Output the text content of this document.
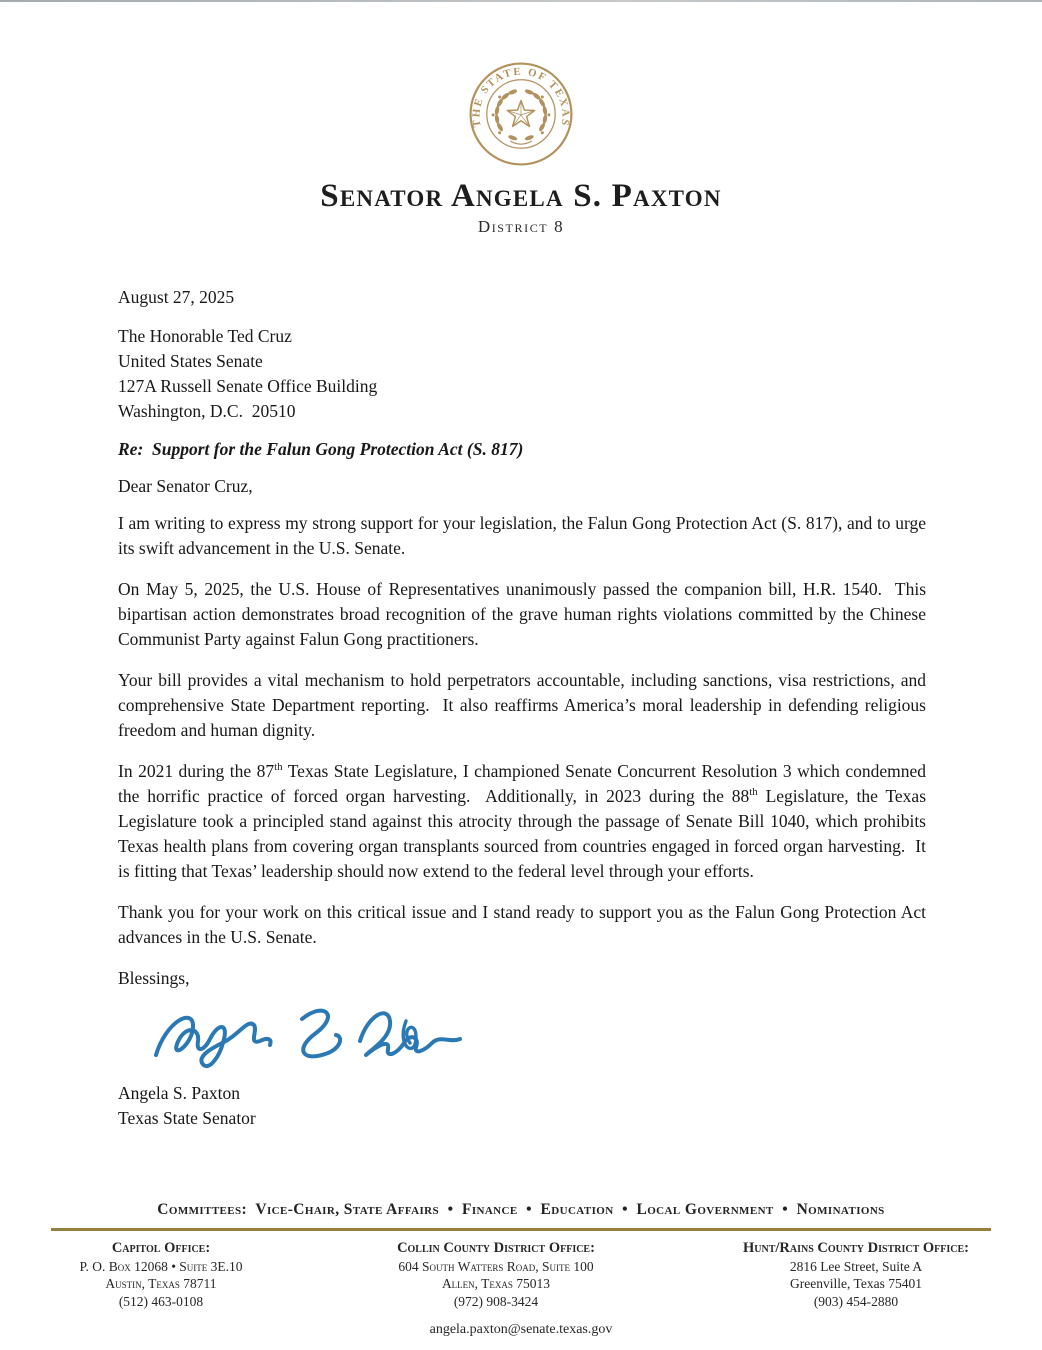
THE STATE OF TEXAS
Senator Angela S. Paxton
District 8
August 27, 2025
The Honorable Ted Cruz
United States Senate
127A Russell Senate Office Building
Washington, D.C.  20510
Re:  Support for the Falun Gong Protection Act (S. 817)
Dear Senator Cruz,

I am writing to express my strong support for your legislation, the Falun Gong Protection Act (S. 817), and to urge its swift advancement in the U.S. Senate.

On May 5, 2025, the U.S. House of Representatives unanimously passed the companion bill, H.R. 1540.  This bipartisan action demonstrates broad recognition of the grave human rights violations committed by the Chinese Communist Party against Falun Gong practitioners.

Your bill provides a vital mechanism to hold perpetrators accountable, including sanctions, visa restrictions, and comprehensive State Department reporting.  It also reaffirms America’s moral leadership in defending religious freedom and human dignity.

In 2021 during the 87th Texas State Legislature, I championed Senate Concurrent Resolution 3 which condemned the horrific practice of forced organ harvesting.  Additionally, in 2023 during the 88th Legislature, the Texas Legislature took a principled stand against this atrocity through the passage of Senate Bill 1040, which prohibits Texas health plans from covering organ transplants sourced from countries engaged in forced organ harvesting.  It is fitting that Texas’ leadership should now extend to the federal level through your efforts.

Thank you for your work on this critical issue and I stand ready to support you as the Falun Gong Protection Act advances in the U.S. Senate.

Blessings,
Angela S. Paxton
Texas State Senator
Committees:  Vice-Chair, State Affairs  •  Finance  •  Education  •  Local Government  •  Nominations
Capitol Office:
P. O. Box 12068 • Suite 3E.10
Austin, Texas 78711
(512) 463-0108
Collin County District Office:
604 South Watters Road, Suite 100
Allen, Texas 75013
(972) 908-3424
Hunt/Rains County District Office:
2816 Lee Street, Suite A
Greenville, Texas 75401
(903) 454-2880
angela.paxton@senate.texas.gov
